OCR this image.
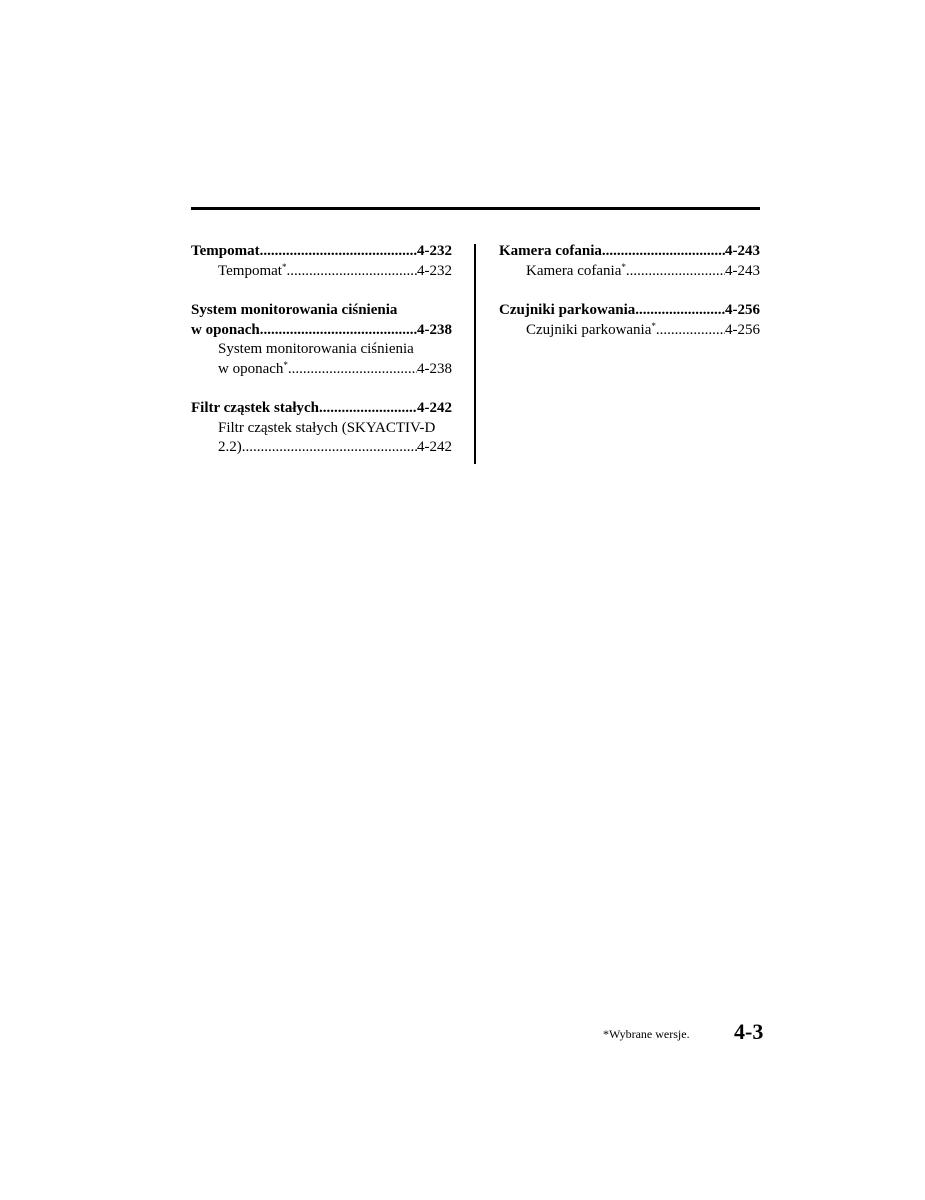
Tempomat .....	4-232
Tempomat* .....	4-232
System monitorowania ciśnienia
w oponach .....	4-238
System monitorowania ciśnienia
w oponach* .....	4-238
Filtr cząstek stałych .....	4-242
Filtr cząstek stałych (SKYACTIV-D
2.2) .....	4-242
Kamera cofania .....	4-243
Kamera cofania* .....	4-243
Czujniki parkowania .....	4-256
Czujniki parkowania* .....	4-256
*Wybrane wersje. 4-3
